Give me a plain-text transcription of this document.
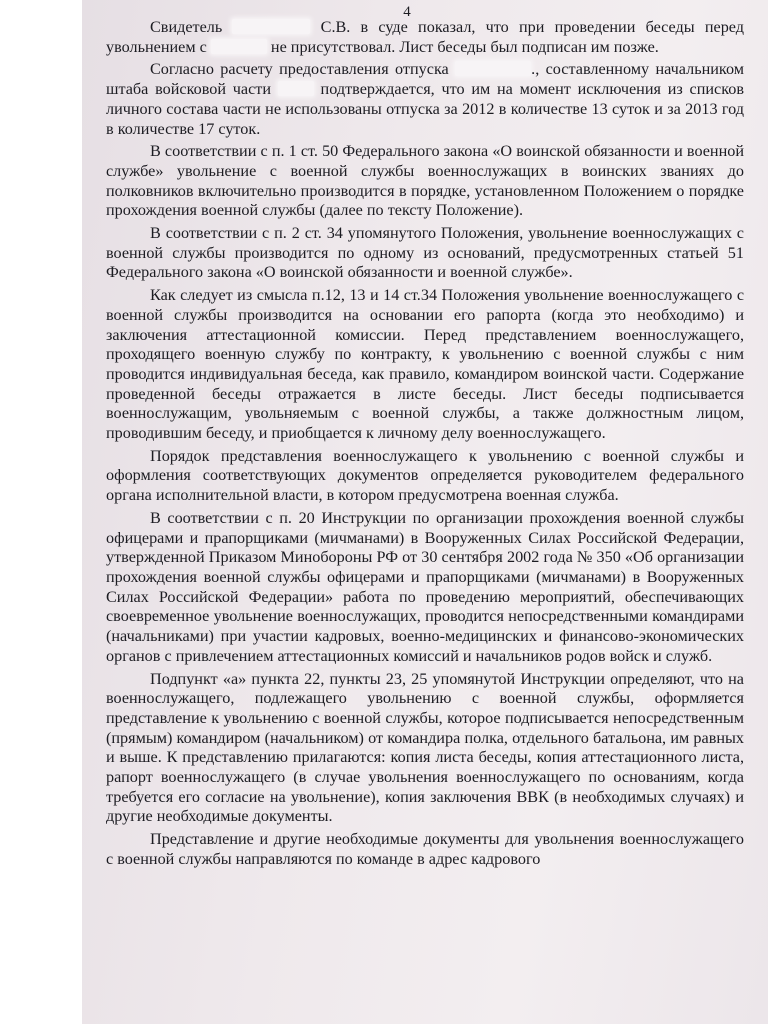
4

Свидетель	С.В. в суде показал, что при проведении беседы перед увольнением с	не присутствовал. Лист беседы был подписан им позже.

Согласно расчету предоставления отпуска	., составленному начальником штаба войсковой части	подтверждается, что им на момент исключения из списков личного состава части не использованы отпуска за 2012 в количестве 13 суток и за 2013 год в количестве 17 суток.

В соответствии с п. 1 ст. 50 Федерального закона «О воинской обязанности и военной службе» увольнение с военной службы военнослужащих в воинских званиях до полковников включительно производится в порядке, установленном Положением о порядке прохождения военной службы (далее по тексту Положение).

В соответствии с п. 2 ст. 34 упомянутого Положения, увольнение военнослужащих с военной службы производится по одному из оснований, предусмотренных статьей 51 Федерального закона «О воинской обязанности и военной службе».

Как следует из смысла п.12, 13 и 14 ст.34 Положения увольнение военнослужащего с военной службы производится на основании его рапорта (когда это необходимо) и заключения аттестационной комиссии. Перед представлением военнослужащего, проходящего военную службу по контракту, к увольнению с военной службы с ним проводится индивидуальная беседа, как правило, командиром воинской части. Содержание проведенной беседы отражается в листе беседы. Лист беседы подписывается военнослужащим, увольняемым с военной службы, а также должностным лицом, проводившим беседу, и приобщается к личному делу военнослужащего.

Порядок представления военнослужащего к увольнению с военной службы и оформления соответствующих документов определяется руководителем федерального органа исполнительной власти, в котором предусмотрена военная служба.

В соответствии с п. 20 Инструкции по организации прохождения военной службы офицерами и прапорщиками (мичманами) в Вооруженных Силах Российской Федерации, утвержденной Приказом Минобороны РФ от 30 сентября 2002 года № 350 «Об организации прохождения военной службы офицерами и прапорщиками (мичманами) в Вооруженных Силах Российской Федерации» работа по проведению мероприятий, обеспечивающих своевременное увольнение военнослужащих, проводится непосредственными командирами (начальниками) при участии кадровых, военно-медицинских и финансово-экономических органов с привлечением аттестационных комиссий и начальников родов войск и служб.

Подпункт «а» пункта 22, пункты 23, 25 упомянутой Инструкции определяют, что на военнослужащего, подлежащего увольнению с военной службы, оформляется представление к увольнению с военной службы, которое подписывается непосредственным (прямым) командиром (начальником) от командира полка, отдельного батальона, им равных и выше. К представлению прилагаются: копия листа беседы, копия аттестационного листа, рапорт военнослужащего (в случае увольнения военнослужащего по основаниям, когда требуется его согласие на увольнение), копия заключения ВВК (в необходимых случаях) и другие необходимые документы.

Представление и другие необходимые документы для увольнения военнослужащего с военной службы направляются по команде в адрес кадрового
